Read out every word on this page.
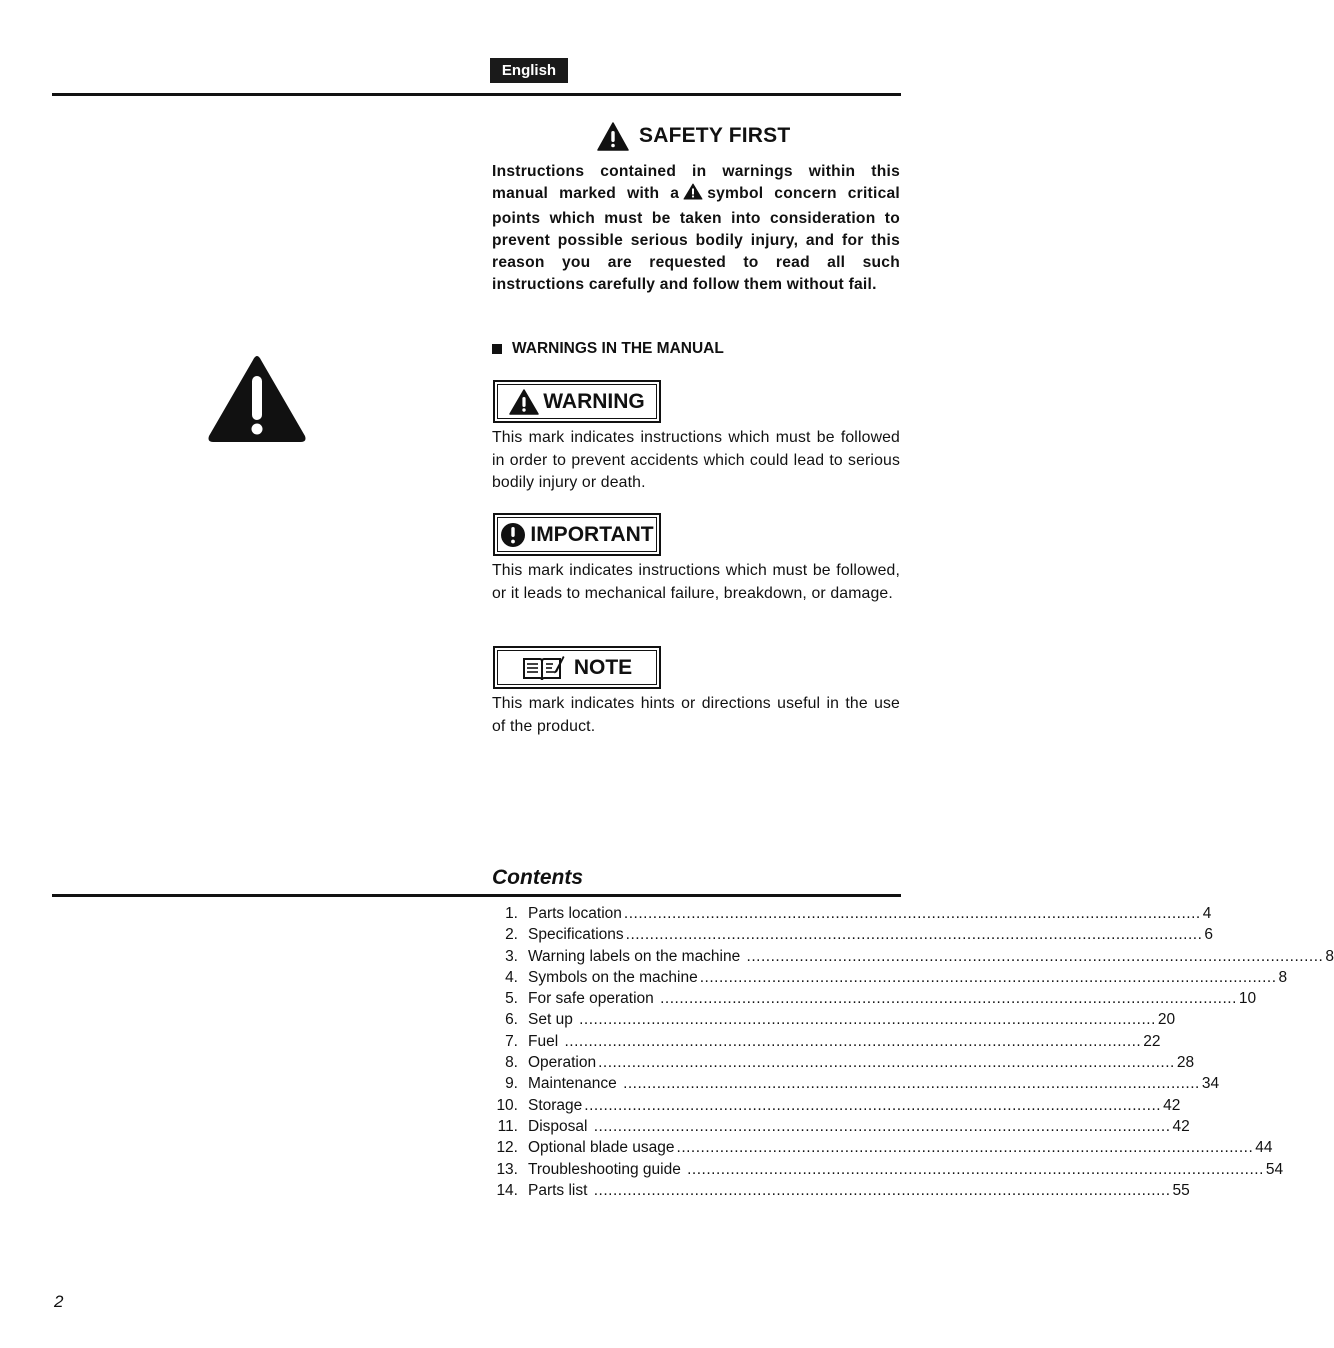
English
SAFETY FIRST
Instructions contained in warnings within this manual marked with a symbol concern critical points which must be taken into consideration to prevent possible serious bodily injury, and for this reason you are requested to read all such instructions carefully and follow them without fail.
WARNINGS IN THE MANUAL
WARNING
This mark indicates instructions which must be followed in order to prevent accidents which could lead to serious bodily injury or death.
IMPORTANT
This mark indicates instructions which must be followed, or it leads to mechanical failure, breakdown, or damage.
NOTE
This mark indicates hints or directions useful in the use of the product.
Contents
1. Parts location ........................................................................................................................ 4
2. Specifications ........................................................................................................................ 6
3. Warning labels on the machine ........................................................................................................................ 8
4. Symbols on the machine ........................................................................................................................ 8
5. For safe operation ........................................................................................................................ 10
6. Set up ........................................................................................................................ 20
7. Fuel ........................................................................................................................ 22
8. Operation ........................................................................................................................ 28
9. Maintenance ........................................................................................................................ 34
10. Storage ........................................................................................................................ 42
11. Disposal ........................................................................................................................ 42
12. Optional blade usage ........................................................................................................................ 44
13. Troubleshooting guide ........................................................................................................................ 54
14. Parts list ........................................................................................................................ 55
2
